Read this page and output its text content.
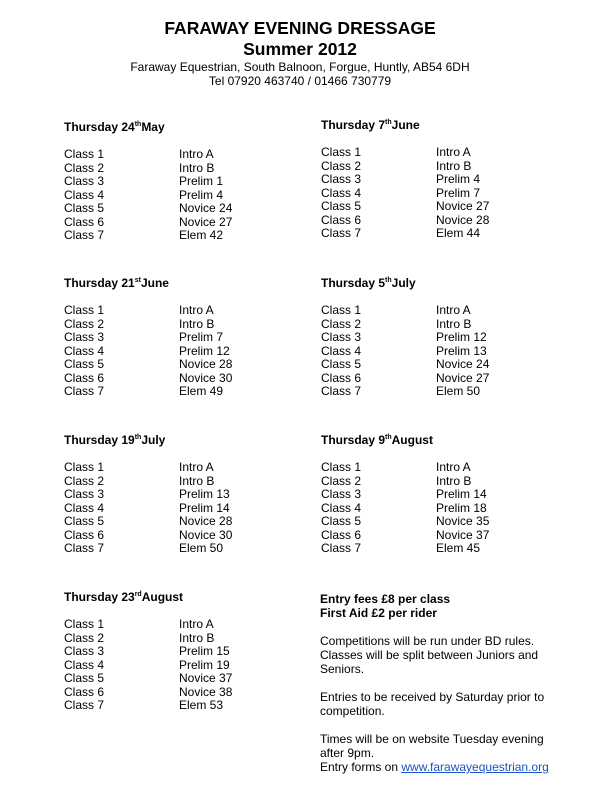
FARAWAY EVENING DRESSAGE
Summer 2012
Faraway Equestrian, South Balnoon, Forgue, Huntly, AB54 6DH
Tel 07920 463740 / 01466 730779
Thursday 24thMay
Class 1	Intro A
Class 2	Intro B
Class 3	Prelim 1
Class 4	Prelim 4
Class 5	Novice 24
Class 6	Novice 27
Class 7	Elem 42
Thursday 7thJune
Class 1	Intro A
Class 2	Intro B
Class 3	Prelim 4
Class 4	Prelim 7
Class 5	Novice 27
Class 6	Novice 28
Class 7	Elem 44
Thursday 21stJune
Class 1	Intro A
Class 2	Intro B
Class 3	Prelim 7
Class 4	Prelim 12
Class 5	Novice 28
Class 6	Novice 30
Class 7	Elem 49
Thursday 5thJuly
Class 1	Intro A
Class 2	Intro B
Class 3	Prelim 12
Class 4	Prelim 13
Class 5	Novice 24
Class 6	Novice 27
Class 7	Elem 50
Thursday 19thJuly
Class 1	Intro A
Class 2	Intro B
Class 3	Prelim 13
Class 4	Prelim 14
Class 5	Novice 28
Class 6	Novice 30
Class 7	Elem 50
Thursday 9thAugust
Class 1	Intro A
Class 2	Intro B
Class 3	Prelim 14
Class 4	Prelim 18
Class 5	Novice 35
Class 6	Novice 37
Class 7	Elem 45
Thursday 23rdAugust
Class 1	Intro A
Class 2	Intro B
Class 3	Prelim 15
Class 4	Prelim 19
Class 5	Novice 37
Class 6	Novice 38
Class 7	Elem 53

Entry fees £8 per class

First Aid £2 per rider

Competitions will be run under BD rules.

Classes will be split between Juniors and Seniors.

Entries to be received by Saturday prior to competition.

Times will be on website Tuesday evening after 9pm.

Entry forms on www.farawayequestrian.org
